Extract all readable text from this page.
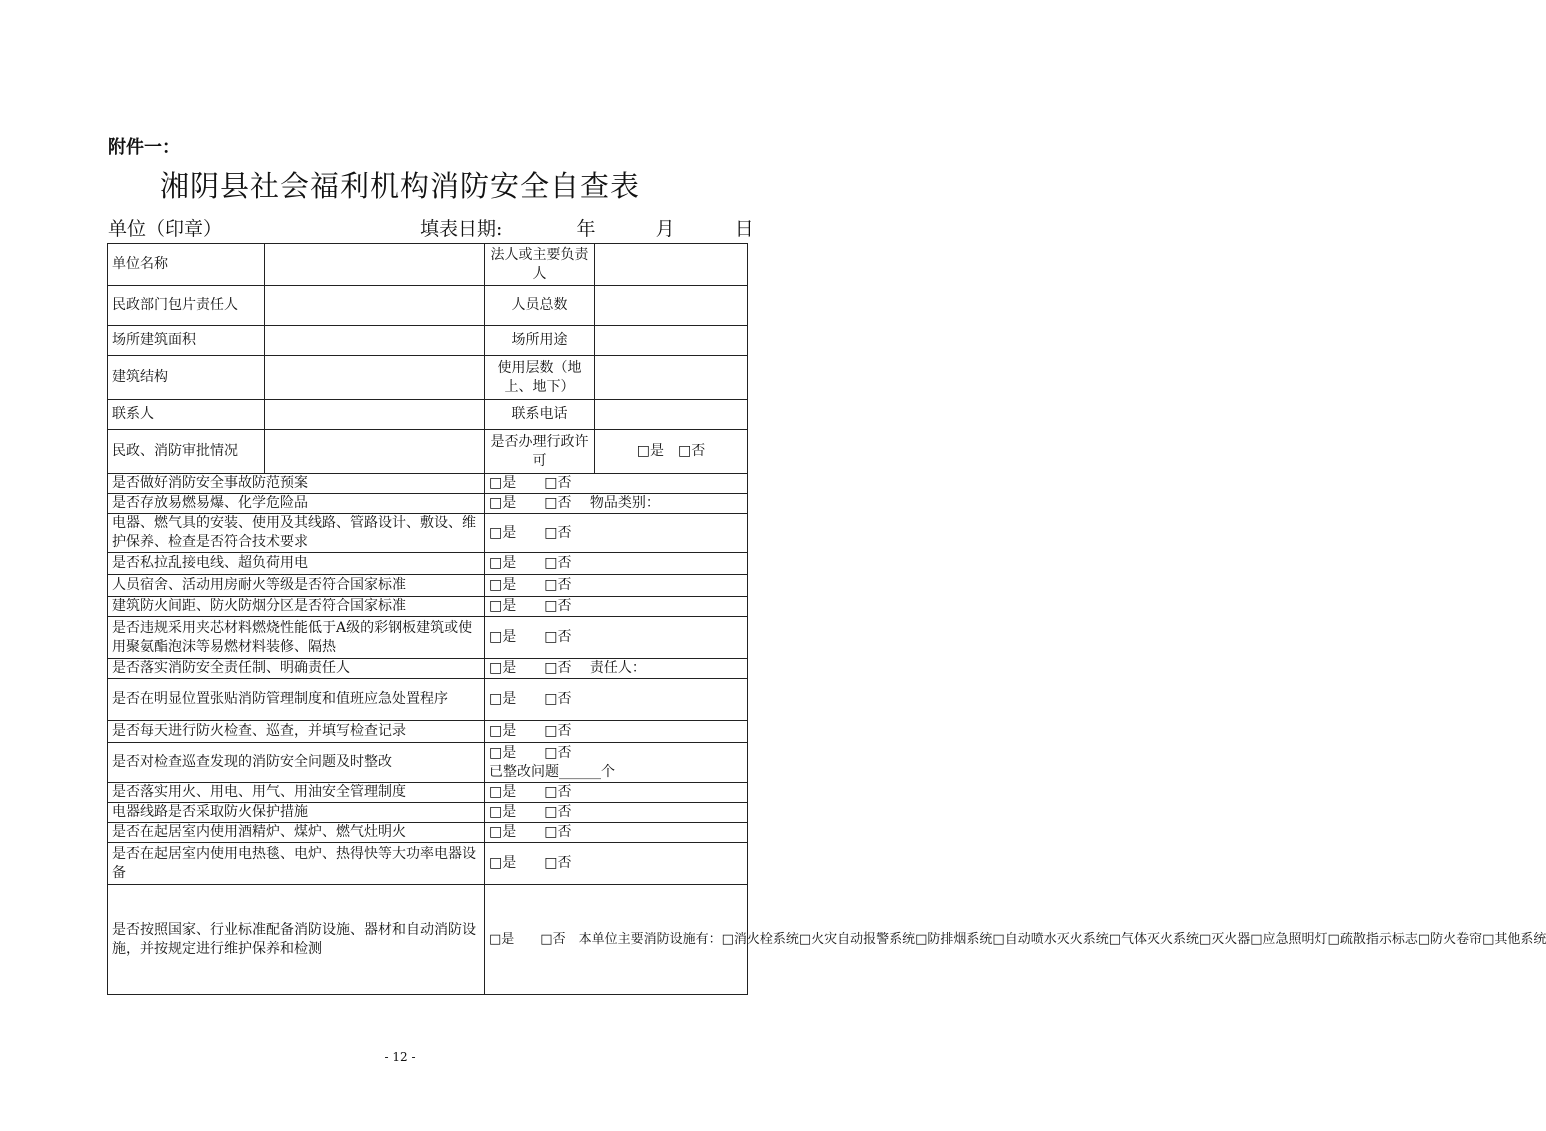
附件一：
湘阴县社会福利机构消防安全自查表
单位（印章）	填表日期:	年	月	日
单位名称		法人或主要负责人	
民政部门包片责任人		人员总数	
场所建筑面积		场所用途	
建筑结构		使用层数（地上、地下）	
联系人		联系电话	
民政、消防审批情况		是否办理行政许可	□是　□否
是否做好消防安全事故防范预案		□是　　□否	
是否存放易燃易爆、化学危险品		□是　　□否　 物品类别：	
电器、燃气具的安装、使用及其线路、管路设计、敷设、维护保养、检查是否符合技术要求		□是　　□否	
是否私拉乱接电线、超负荷用电		□是　　□否	
人员宿舍、活动用房耐火等级是否符合国家标准		□是　　□否	
建筑防火间距、防火防烟分区是否符合国家标准		□是　　□否	
是否违规采用夹芯材料燃烧性能低于A级的彩钢板建筑或使用聚氨酯泡沫等易燃材料装修、隔热		□是　　□否	
是否落实消防安全责任制、明确责任人		□是　　□否　 责任人：	
是否在明显位置张贴消防管理制度和值班应急处置程序		□是　　□否	
是否每天进行防火检查、巡查，并填写检查记录		□是　　□否	
是否对检查巡查发现的消防安全问题及时整改		□是　　□否
已整改问题______个	
是否落实用火、用电、用气、用油安全管理制度		□是　　□否	
电器线路是否采取防火保护措施		□是　　□否	
是否在起居室内使用酒精炉、煤炉、燃气灶明火		□是　　□否	
是否在起居室内使用电热毯、电炉、热得快等大功率电器设备		□是　　□否	
是否按照国家、行业标准配备消防设施、器材和自动消防设施，并按规定进行维护保养和检测		□是　　□否　本单位主要消防设施有：□消火栓系统□火灾自动报警系统□防排烟系统□自动喷水灭火系统□气体灭火系统□灭火器□应急照明灯□疏散指示标志□防火卷帘□其他系统	
- 12 -
